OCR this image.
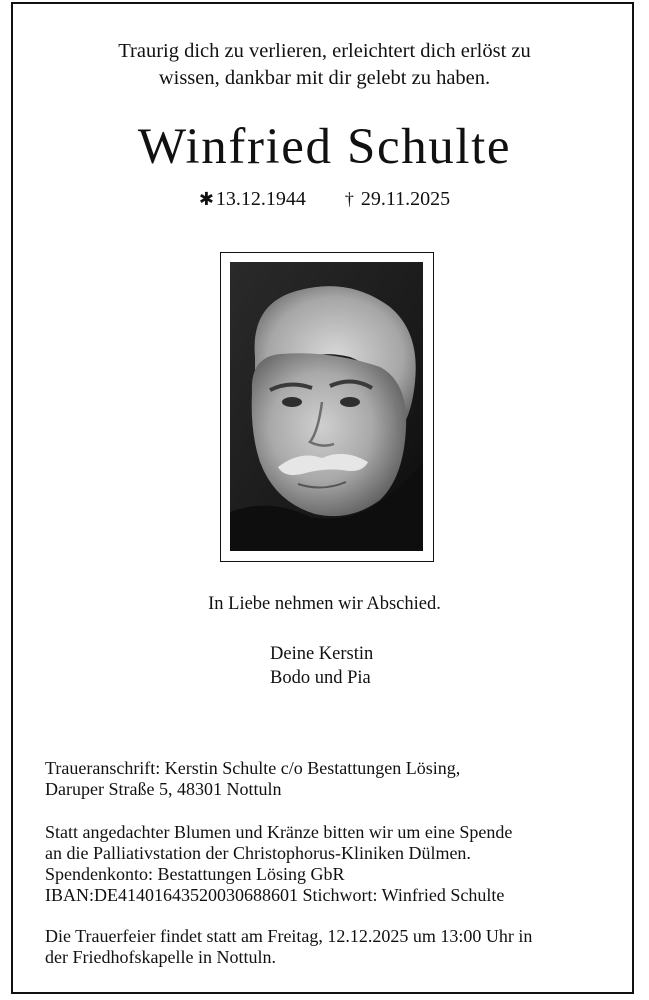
Traurig dich zu verlieren, erleichtert dich erlöst zu
wissen, dankbar mit dir gelebt zu haben.
Winfried Schulte
✱ 13.12.1944 † 29.11.2025
In Liebe nehmen wir Abschied.
Deine Kerstin
Bodo und Pia
Traueranschrift: Kerstin Schulte c/o Bestattungen Lösing,
Daruper Straße 5, 48301 Nottuln
Statt angedachter Blumen und Kränze bitten wir um eine Spende
an die Palliativstation der Christophorus-Kliniken Dülmen.
Spendenkonto: Bestattungen Lösing GbR
IBAN:DE41401643520030688601 Stichwort: Winfried Schulte
Die Trauerfeier findet statt am Freitag, 12.12.2025 um 13:00 Uhr in
der Friedhofskapelle in Nottuln.
